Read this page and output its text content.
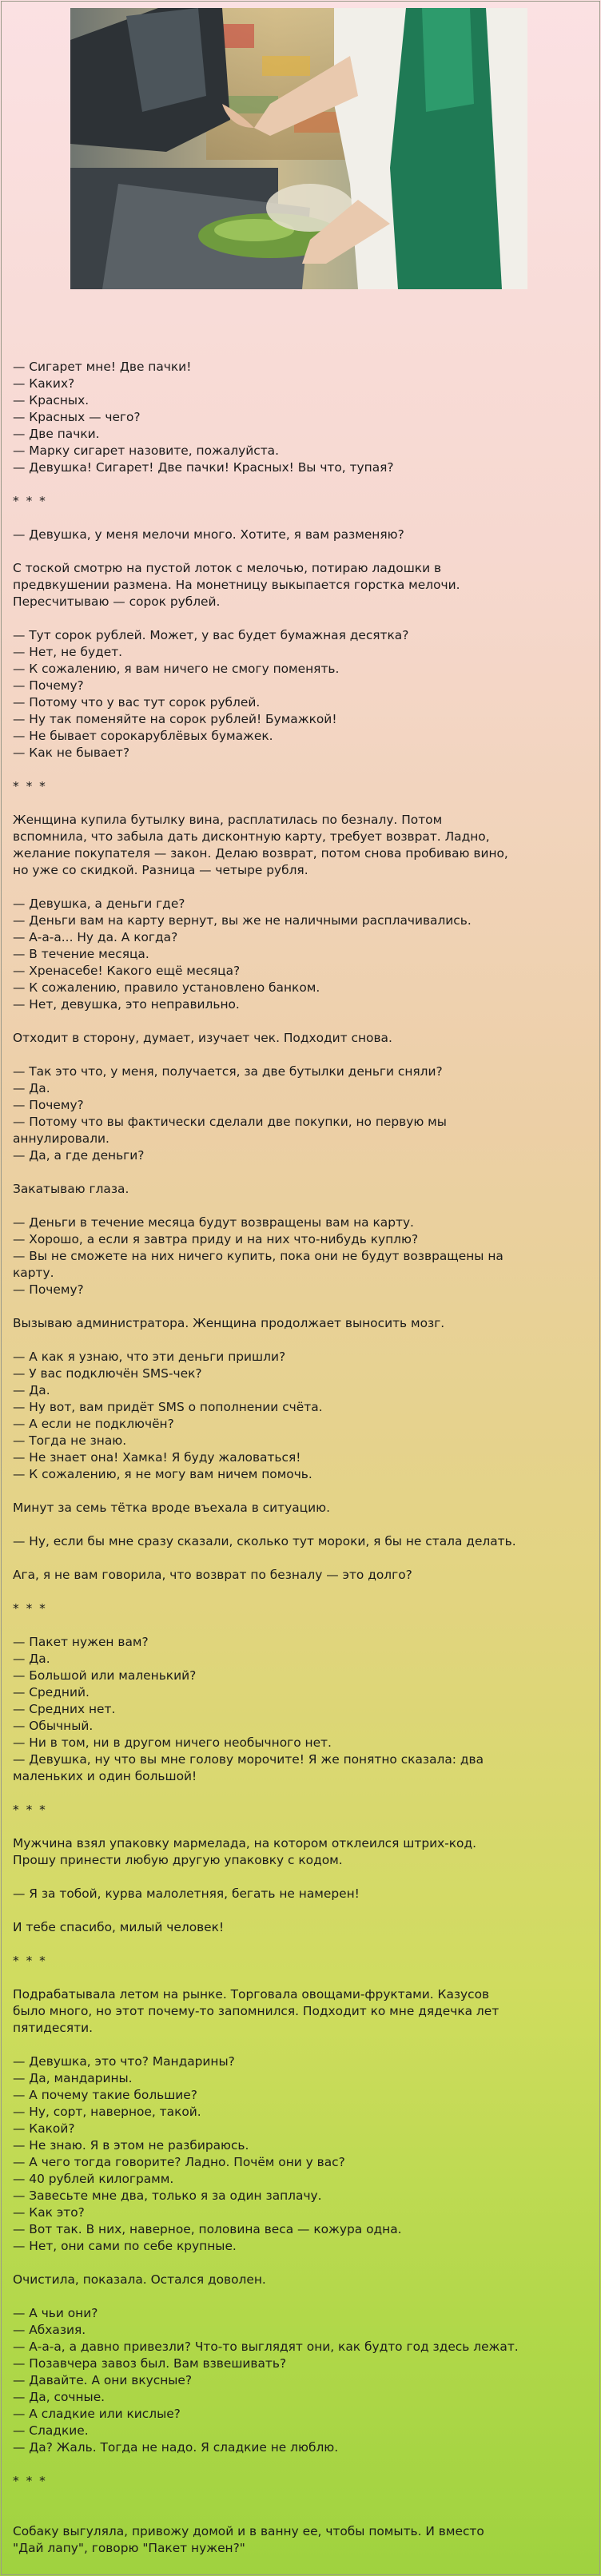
— Сигарет мне! Две пачки!
— Каких?
— Красных.
— Красных — чего?
— Две пачки.
— Марку сигарет назовите, пожалуйста.
— Девушка! Сигарет! Две пачки! Красных! Вы что, тупая?
* * *
— Девушка, у меня мелочи много. Хотите, я вам разменяю?
С тоской смотрю на пустой лоток с мелочью, потираю ладошки в
предвкушении размена. На монетницу выкыпается горстка мелочи.
Пересчитываю — сорок рублей.
— Тут сорок рублей. Может, у вас будет бумажная десятка?
— Нет, не будет.
— К сожалению, я вам ничего не смогу поменять.
— Почему?
— Потому что у вас тут сорок рублей.
— Ну так поменяйте на сорок рублей! Бумажкой!
— Не бывает сорокарублёвых бумажек.
— Как не бывает?
* * *
Женщина купила бутылку вина, расплатилась по безналу. Потом
вспомнила, что забыла дать дисконтную карту, требует возврат. Ладно,
желание покупателя — закон. Делаю возврат, потом снова пробиваю вино,
но уже со скидкой. Разница — четыре рубля.
— Девушка, а деньги где?
— Деньги вам на карту вернут, вы же не наличными расплачивались.
— А-а-а... Ну да. А когда?
— В течение месяца.
— Хренасебе! Какого ещё месяца?
— К сожалению, правило установлено банком.
— Нет, девушка, это неправильно.
Отходит в сторону, думает, изучает чек. Подходит снова.
— Так это что, у меня, получается, за две бутылки деньги сняли?
— Да.
— Почему?
— Потому что вы фактически сделали две покупки, но первую мы
аннулировали.
— Да, а где деньги?
Закатываю глаза.
— Деньги в течение месяца будут возвращены вам на карту.
— Хорошо, а если я завтра приду и на них что-нибудь куплю?
— Вы не сможете на них ничего купить, пока они не будут возвращены на
карту.
— Почему?
Вызываю администратора. Женщина продолжает выносить мозг.
— А как я узнаю, что эти деньги пришли?
— У вас подключён SMS-чек?
— Да.
— Ну вот, вам придёт SMS о пополнении счёта.
— А если не подключён?
— Тогда не знаю.
— Не знает она! Хамка! Я буду жаловаться!
— К сожалению, я не могу вам ничем помочь.
Минут за семь тётка вроде въехала в ситуацию.
— Ну, если бы мне сразу сказали, сколько тут мороки, я бы не стала делать.
Ага, я не вам говорила, что возврат по безналу — это долго?
* * *
— Пакет нужен вам?
— Да.
— Большой или маленький?
— Средний.
— Средних нет.
— Обычный.
— Ни в том, ни в другом ничего необычного нет.
— Девушка, ну что вы мне голову морочите! Я же понятно сказала: два
маленьких и один большой!
* * *
Мужчина взял упаковку мармелада, на котором отклеился штрих-код.
Прошу принести любую другую упаковку с кодом.
— Я за тобой, курва малолетняя, бегать не намерен!
И тебе спасибо, милый человек!
* * *
Подрабатывала летом на рынке. Торговала овощами-фруктами. Казусов
было много, но этот почему-то запомнился. Подходит ко мне дядечка лет
пятидесяти.
— Девушка, это что? Мандарины?
— Да, мандарины.
— А почему такие большие?
— Ну, сорт, наверное, такой.
— Какой?
— Не знаю. Я в этом не разбираюсь.
— А чего тогда говорите? Ладно. Почём они у вас?
— 40 рублей килограмм.
— Завесьте мне два, только я за один заплачу.
— Как это?
— Вот так. В них, наверное, половина веса — кожура одна.
— Нет, они сами по себе крупные.
Очистила, показала. Остался доволен.
— А чьи они?
— Абхазия.
— А-а-а, а давно привезли? Что-то выглядят они, как будто год здесь лежат.
— Позавчера завоз был. Вам взвешивать?
— Давайте. А они вкусные?
— Да, сочные.
— А сладкие или кислые?
— Сладкие.
— Да? Жаль. Тогда не надо. Я сладкие не люблю.
* * *
Собаку выгуляла, привожу домой и в ванну ее, чтобы помыть. И вместо
"Дай лапу", говорю "Пакет нужен?"
